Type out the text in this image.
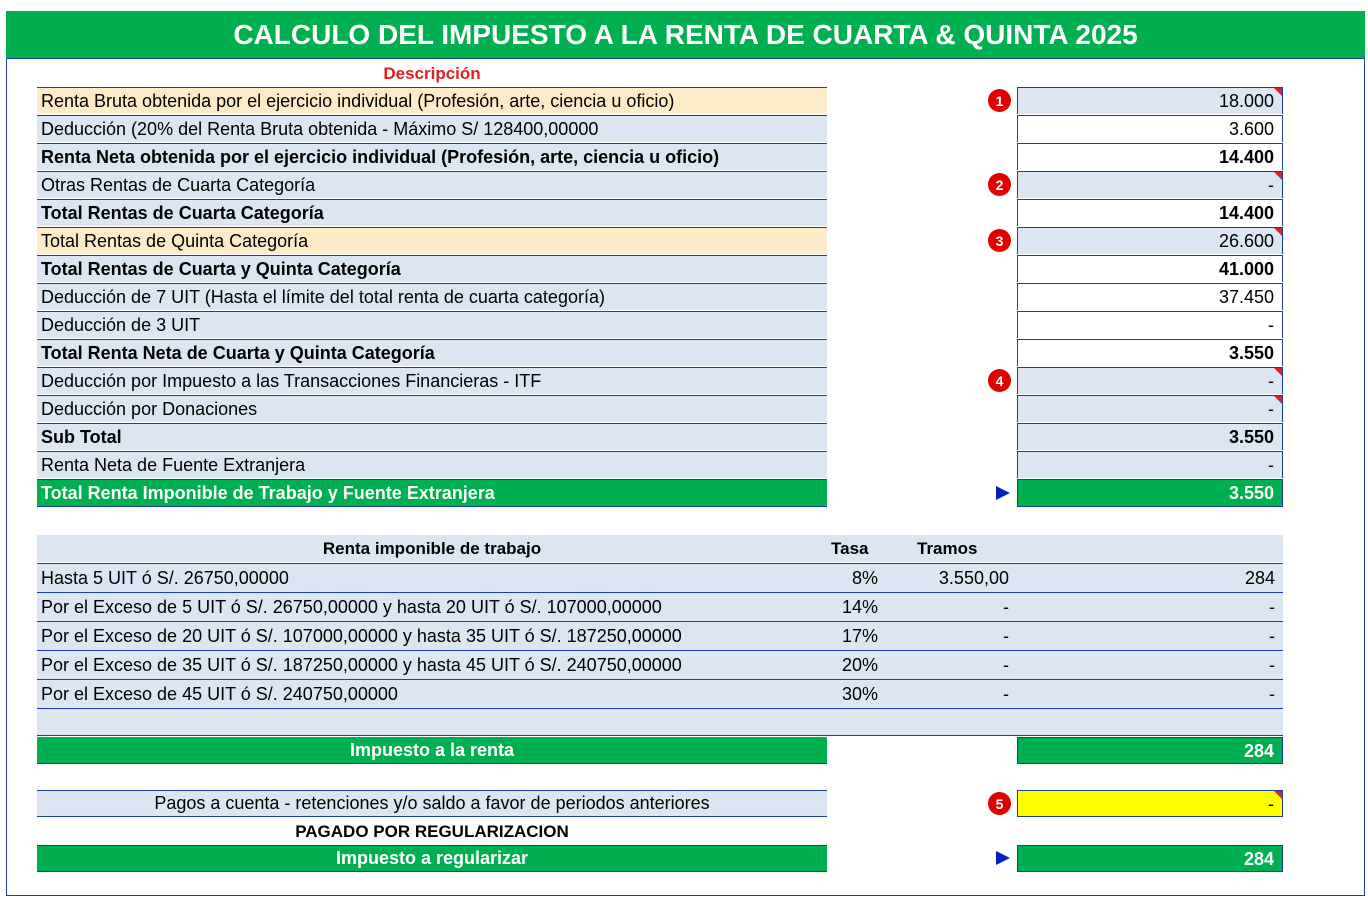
CALCULO DEL IMPUESTO A LA RENTA DE CUARTA & QUINTA 2025
Descripción
Renta Bruta obtenida por el ejercicio individual (Profesión, arte, ciencia u oficio)	1	18.000
Deducción (20% del Renta Bruta obtenida - Máximo S/ 128400,00000	3.600
Renta Neta obtenida por el ejercicio individual (Profesión, arte, ciencia u oficio)	14.400
Otras Rentas de Cuarta Categoría	2	-
Total Rentas de Cuarta Categoría	14.400
Total Rentas de Quinta Categoría	3	26.600
Total Rentas de Cuarta y Quinta Categoría	41.000
Deducción de 7 UIT (Hasta el límite del total renta de cuarta categoría)	37.450
Deducción de 3 UIT	-
Total Renta Neta de Cuarta y Quinta Categoría	3.550
Deducción por Impuesto a las Transacciones Financieras - ITF	4	-
Deducción por Donaciones	-
Sub Total	3.550
Renta Neta de Fuente Extranjera	-
Total Renta Imponible de Trabajo y Fuente Extranjera	3.550
Renta imponible de trabajo	Tasa	Tramos
Hasta 5 UIT ó S/. 26750,00000	8%	3.550,00	284
Por el Exceso de 5 UIT ó S/. 26750,00000 y hasta 20 UIT ó S/. 107000,00000	14%	-	-
Por el Exceso de 20 UIT ó S/. 107000,00000 y hasta 35 UIT ó S/. 187250,00000	17%	-	-
Por el Exceso de 35 UIT ó S/. 187250,00000 y hasta 45 UIT ó S/. 240750,00000	20%	-	-
Por el Exceso de 45 UIT ó S/. 240750,00000	30%	-	-
Impuesto a la renta	284
Pagos a cuenta - retenciones y/o saldo a favor de periodos anteriores	5	-
PAGADO POR REGULARIZACION
Impuesto a regularizar	284
